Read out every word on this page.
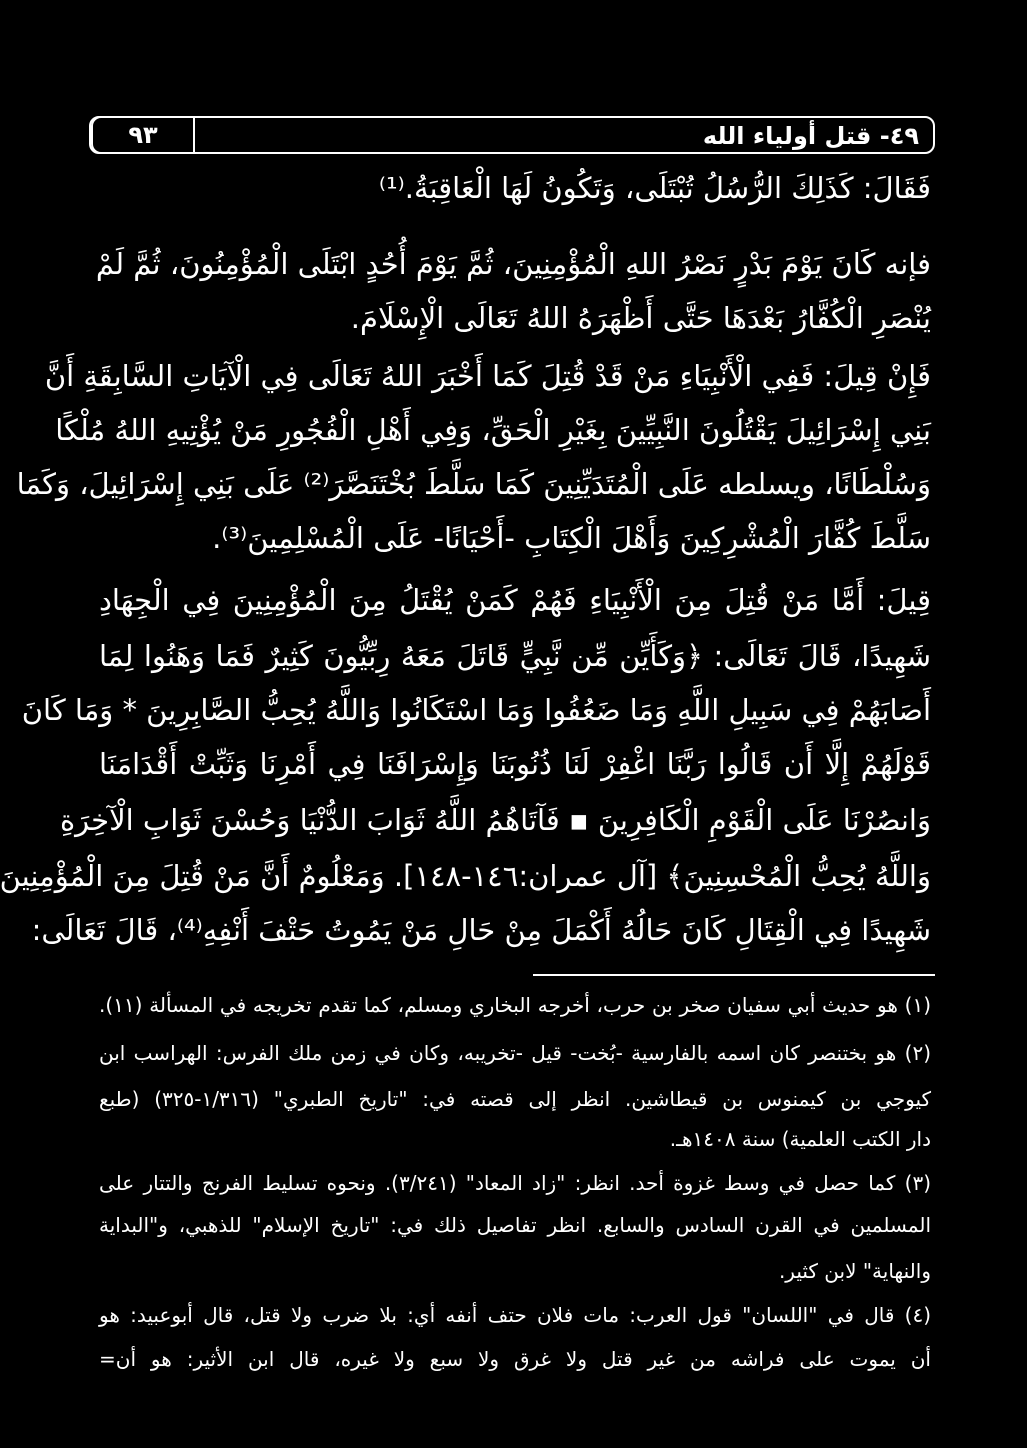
٤٩- قتل أولياء الله
٩٣
فَقَالَ: كَذَلِكَ الرُّسُلُ تُبْتَلَى، وَتَكُونُ لَهَا الْعَاقِبَةُ.⁽¹⁾
فإنه كَانَ يَوْمَ بَدْرٍ نَصْرُ اللهِ الْمُؤْمِنِينَ، ثُمَّ يَوْمَ أُحُدٍ ابْتَلَى الْمُؤْمِنُونَ، ثُمَّ لَمْ
يُنْصَرِ الْكُفَّارُ بَعْدَهَا حَتَّى أَظْهَرَهُ اللهُ تَعَالَى الْإِسْلَامَ.
فَإِنْ قِيلَ: فَفِي الْأَنْبِيَاءِ مَنْ قَدْ قُتِلَ كَمَا أَخْبَرَ اللهُ تَعَالَى فِي الْآيَاتِ السَّابِقَةِ أَنَّ
بَنِي إِسْرَائِيلَ يَقْتُلُونَ النَّبِيِّينَ بِغَيْرِ الْحَقِّ، وَفِي أَهْلِ الْفُجُورِ مَنْ يُؤْتِيهِ اللهُ مُلْكًا
وَسُلْطَانًا، ويسلطه عَلَى الْمُتَدَيِّنِينَ كَمَا سَلَّطَ بُخْتَنَصَّرَ⁽²⁾ عَلَى بَنِي إِسْرَائِيلَ، وَكَمَا
سَلَّطَ كُفَّارَ الْمُشْرِكِينَ وَأَهْلَ الْكِتَابِ -أَحْيَانًا- عَلَى الْمُسْلِمِينَ⁽³⁾.
قِيلَ: أَمَّا مَنْ قُتِلَ مِنَ الْأَنْبِيَاءِ فَهُمْ كَمَنْ يُقْتَلُ مِنَ الْمُؤْمِنِينَ فِي الْجِهَادِ
شَهِيدًا، قَالَ تَعَالَى: ﴿وَكَأَيِّن مِّن نَّبِيٍّ قَاتَلَ مَعَهُ رِبِّيُّونَ كَثِيرٌ فَمَا وَهَنُوا لِمَا
أَصَابَهُمْ فِي سَبِيلِ اللَّهِ وَمَا ضَعُفُوا وَمَا اسْتَكَانُوا وَاللَّهُ يُحِبُّ الصَّابِرِينَ * وَمَا كَانَ
قَوْلَهُمْ إِلَّا أَن قَالُوا رَبَّنَا اغْفِرْ لَنَا ذُنُوبَنَا وَإِسْرَافَنَا فِي أَمْرِنَا وَثَبِّتْ أَقْدَامَنَا
وَانصُرْنَا عَلَى الْقَوْمِ الْكَافِرِينَ ▪ فَآتَاهُمُ اللَّهُ ثَوَابَ الدُّنْيَا وَحُسْنَ ثَوَابِ الْآخِرَةِ
وَاللَّهُ يُحِبُّ الْمُحْسِنِينَ﴾ [آل عمران:١٤٦-١٤٨]. وَمَعْلُومٌ أَنَّ مَنْ قُتِلَ مِنَ الْمُؤْمِنِينَ
شَهِيدًا فِي الْقِتَالِ كَانَ حَالُهُ أَكْمَلَ مِنْ حَالِ مَنْ يَمُوتُ حَتْفَ أَنْفِهِ⁽⁴⁾، قَالَ تَعَالَى:
(١) هو حديث أبي سفيان صخر بن حرب، أخرجه البخاري ومسلم، كما تقدم تخريجه في المسألة (١١).
(٢) هو بختنصر كان اسمه بالفارسية -بُخت- قيل -تخريبه، وكان في زمن ملك الفرس: الهراسب ابن
كيوجي بن كيمنوس بن قيطاشين. انظر إلى قصته في: "تاريخ الطبري" (١/٣١٦-٣٢٥) (طبع
دار الكتب العلمية) سنة ١٤٠٨هـ.
(٣) كما حصل في وسط غزوة أحد. انظر: "زاد المعاد" (٣/٢٤١). ونحوه تسليط الفرنج والتتار على
المسلمين في القرن السادس والسابع. انظر تفاصيل ذلك في: "تاريخ الإسلام" للذهبي، و"البداية
والنهاية" لابن كثير.
(٤) قال في "اللسان" قول العرب: مات فلان حتف أنفه أي: بلا ضرب ولا قتل، قال أبوعبيد: هو
أن يموت على فراشه من غير قتل ولا غرق ولا سبع ولا غيره، قال ابن الأثير: هو أن=
